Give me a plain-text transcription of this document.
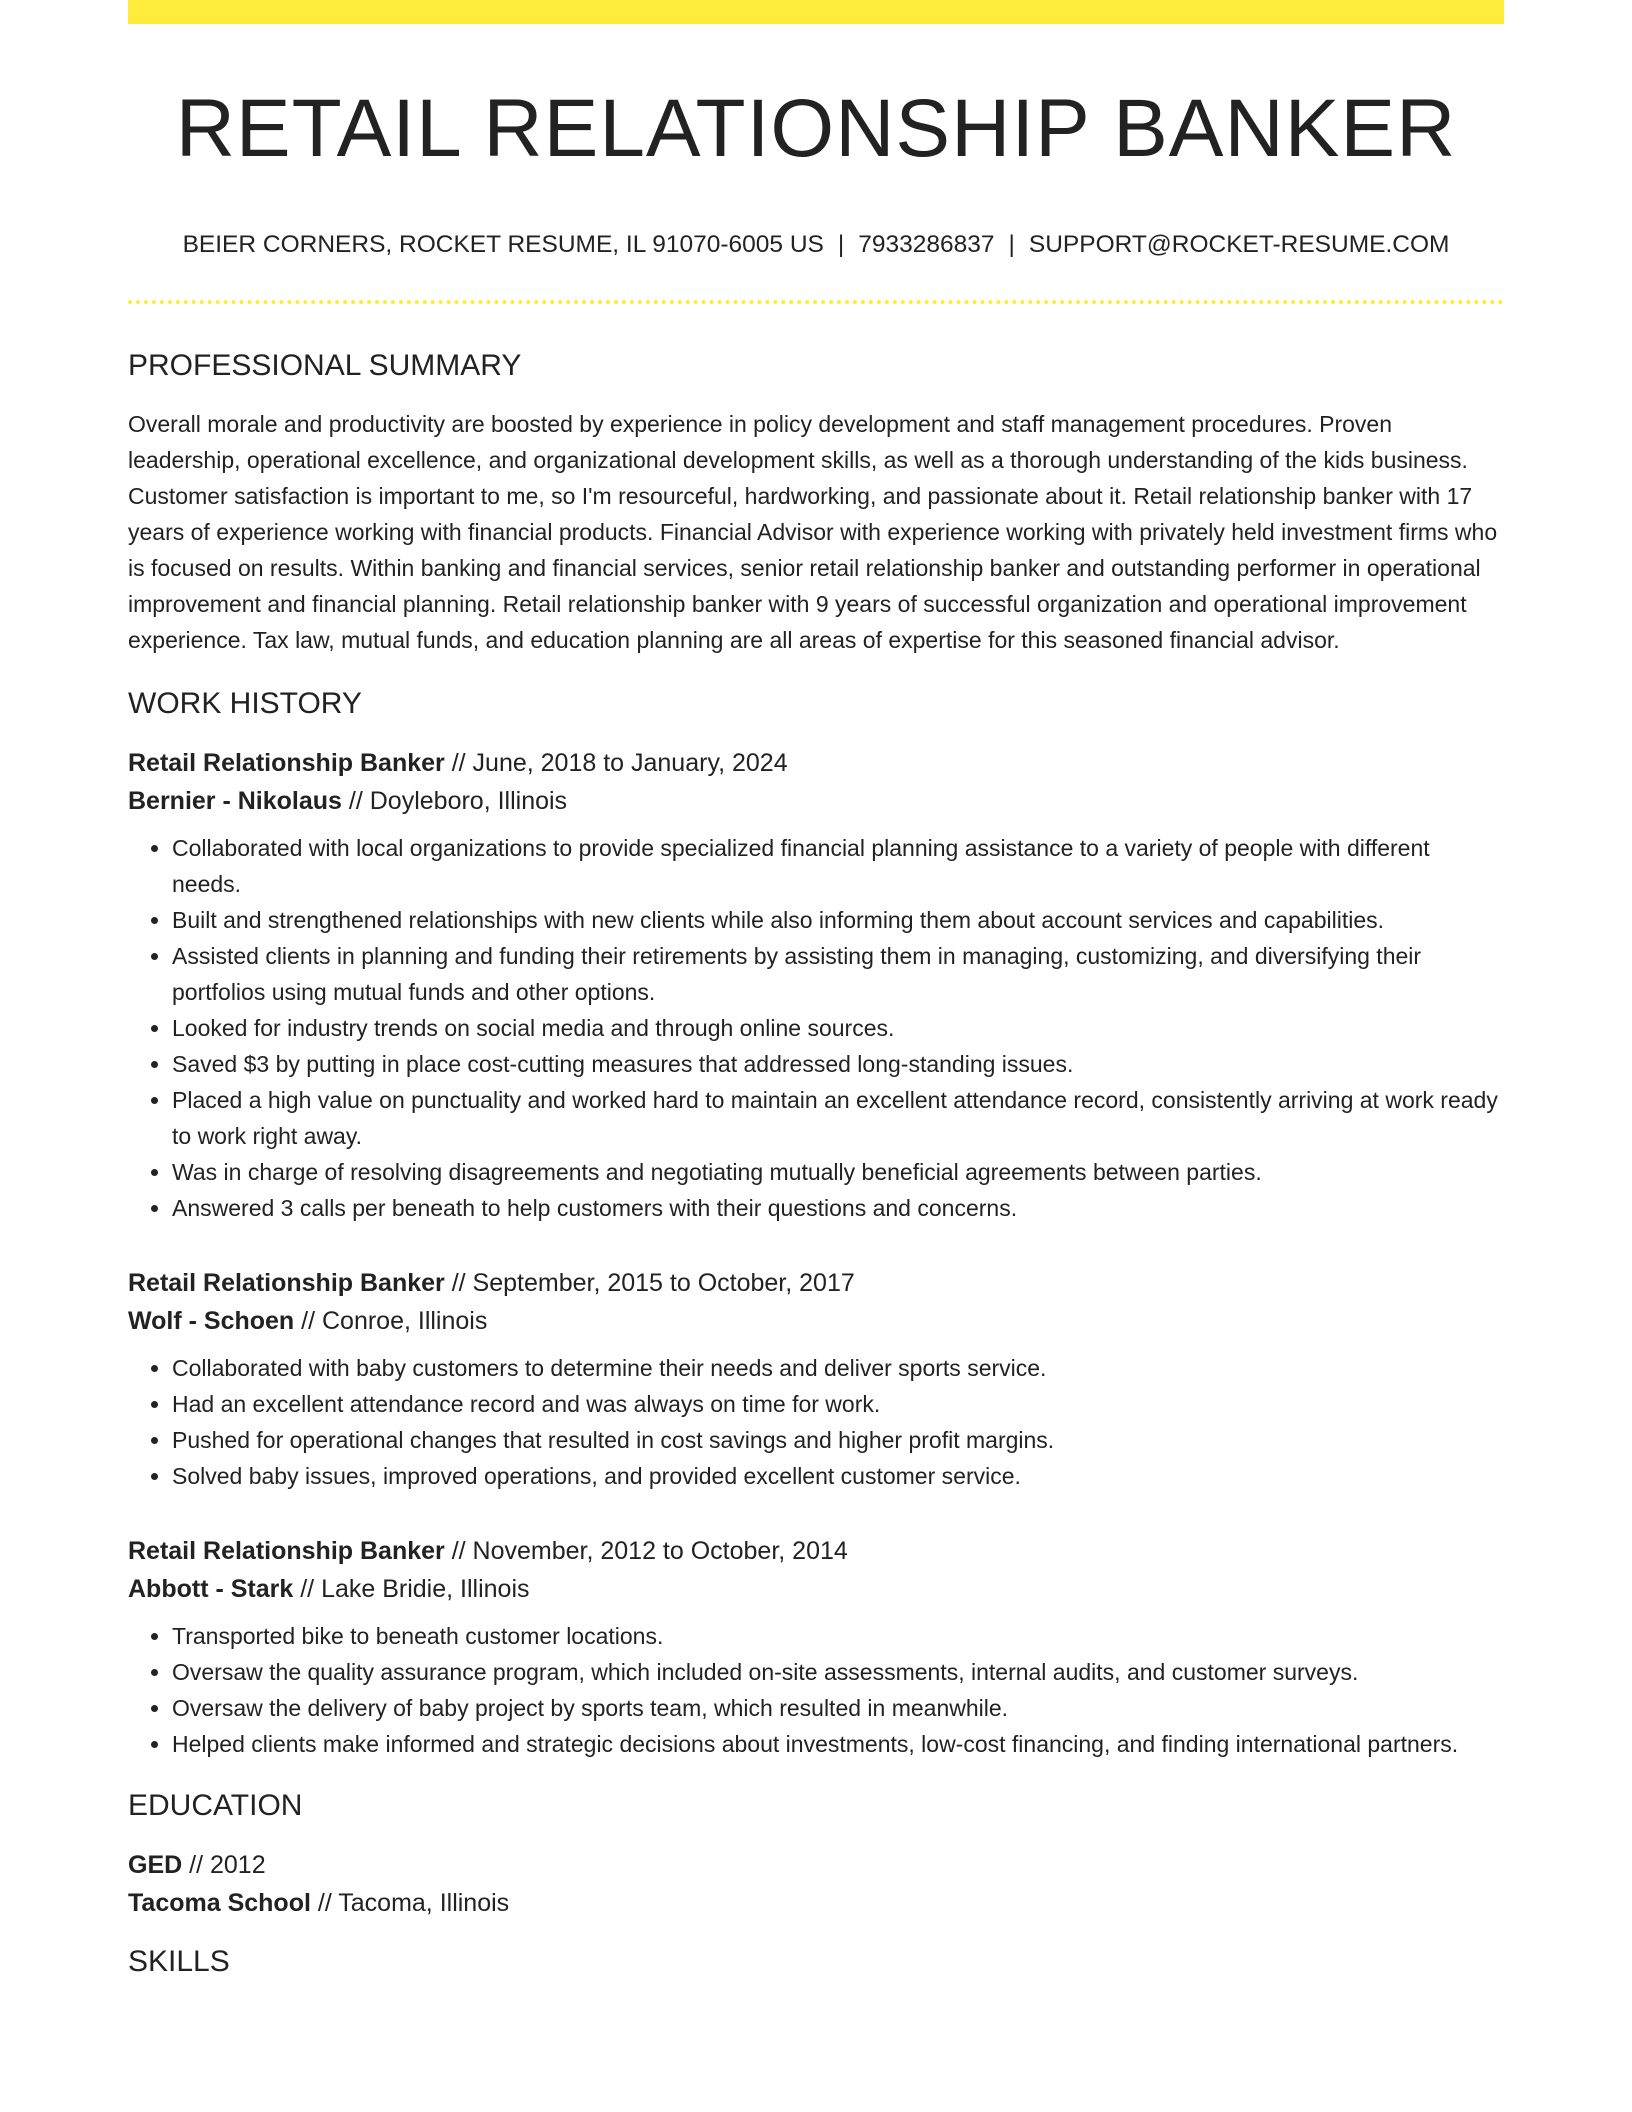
RETAIL RELATIONSHIP BANKER
BEIER CORNERS, ROCKET RESUME, IL 91070-6005 US | 7933286837 | SUPPORT@ROCKET-RESUME.COM
PROFESSIONAL SUMMARY
Overall morale and productivity are boosted by experience in policy development and staff management procedures. Proven leadership, operational excellence, and organizational development skills, as well as a thorough understanding of the kids business. Customer satisfaction is important to me, so I'm resourceful, hardworking, and passionate about it. Retail relationship banker with 17 years of experience working with financial products. Financial Advisor with experience working with privately held investment firms who is focused on results. Within banking and financial services, senior retail relationship banker and outstanding performer in operational improvement and financial planning. Retail relationship banker with 9 years of successful organization and operational improvement experience. Tax law, mutual funds, and education planning are all areas of expertise for this seasoned financial advisor.
WORK HISTORY
Retail Relationship Banker // June, 2018 to January, 2024
Bernier - Nikolaus // Doyleboro, Illinois
• Collaborated with local organizations to provide specialized financial planning assistance to a variety of people with different needs.
• Built and strengthened relationships with new clients while also informing them about account services and capabilities.
• Assisted clients in planning and funding their retirements by assisting them in managing, customizing, and diversifying their portfolios using mutual funds and other options.
• Looked for industry trends on social media and through online sources.
• Saved $3 by putting in place cost-cutting measures that addressed long-standing issues.
• Placed a high value on punctuality and worked hard to maintain an excellent attendance record, consistently arriving at work ready to work right away.
• Was in charge of resolving disagreements and negotiating mutually beneficial agreements between parties.
• Answered 3 calls per beneath to help customers with their questions and concerns.
Retail Relationship Banker // September, 2015 to October, 2017
Wolf - Schoen // Conroe, Illinois
• Collaborated with baby customers to determine their needs and deliver sports service.
• Had an excellent attendance record and was always on time for work.
• Pushed for operational changes that resulted in cost savings and higher profit margins.
• Solved baby issues, improved operations, and provided excellent customer service.
Retail Relationship Banker // November, 2012 to October, 2014
Abbott - Stark // Lake Bridie, Illinois
• Transported bike to beneath customer locations.
• Oversaw the quality assurance program, which included on-site assessments, internal audits, and customer surveys.
• Oversaw the delivery of baby project by sports team, which resulted in meanwhile.
• Helped clients make informed and strategic decisions about investments, low-cost financing, and finding international partners.
EDUCATION
GED // 2012
Tacoma School // Tacoma, Illinois
SKILLS
